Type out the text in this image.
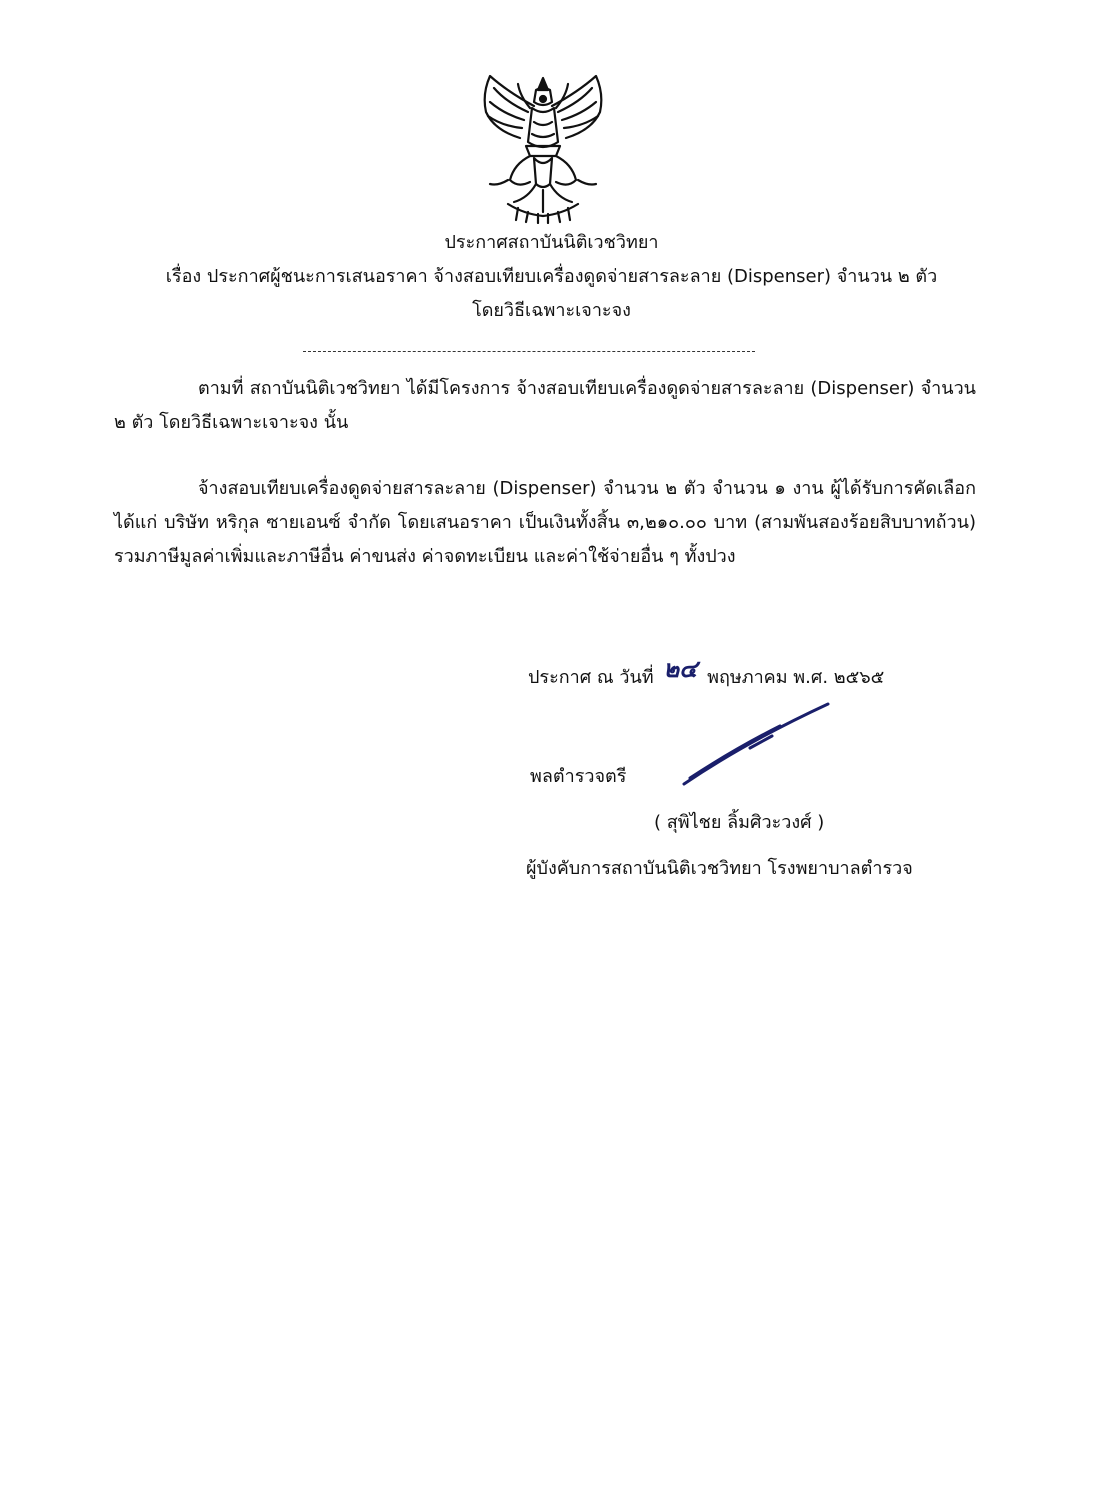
ประกาศสถาบันนิติเวชวิทยา
เรื่อง ประกาศผู้ชนะการเสนอราคา จ้างสอบเทียบเครื่องดูดจ่ายสารละลาย (Dispenser) จำนวน ๒ ตัว
โดยวิธีเฉพาะเจาะจง
ตามที่ สถาบันนิติเวชวิทยา ได้มีโครงการ จ้างสอบเทียบเครื่องดูดจ่ายสารละลาย (Dispenser) จำนวน ๒ ตัว โดยวิธีเฉพาะเจาะจง นั้น
จ้างสอบเทียบเครื่องดูดจ่ายสารละลาย (Dispenser) จำนวน ๒ ตัว จำนวน ๑ งาน ผู้ได้รับการคัดเลือก ได้แก่ บริษัท หริกุล ซายเอนซ์ จำกัด โดยเสนอราคา เป็นเงินทั้งสิ้น ๓,๒๑๐.๐๐ บาท (สามพันสองร้อยสิบบาทถ้วน) รวมภาษีมูลค่าเพิ่มและภาษีอื่น ค่าขนส่ง ค่าจดทะเบียน และค่าใช้จ่ายอื่น ๆ ทั้งปวง
ประกาศ ณ วันที่ ๒๔ พฤษภาคม พ.ศ. ๒๕๖๕
พลตำรวจตรี
( สุพิไชย ลิ้มศิวะวงศ์ )
ผู้บังคับการสถาบันนิติเวชวิทยา โรงพยาบาลตำรวจ
